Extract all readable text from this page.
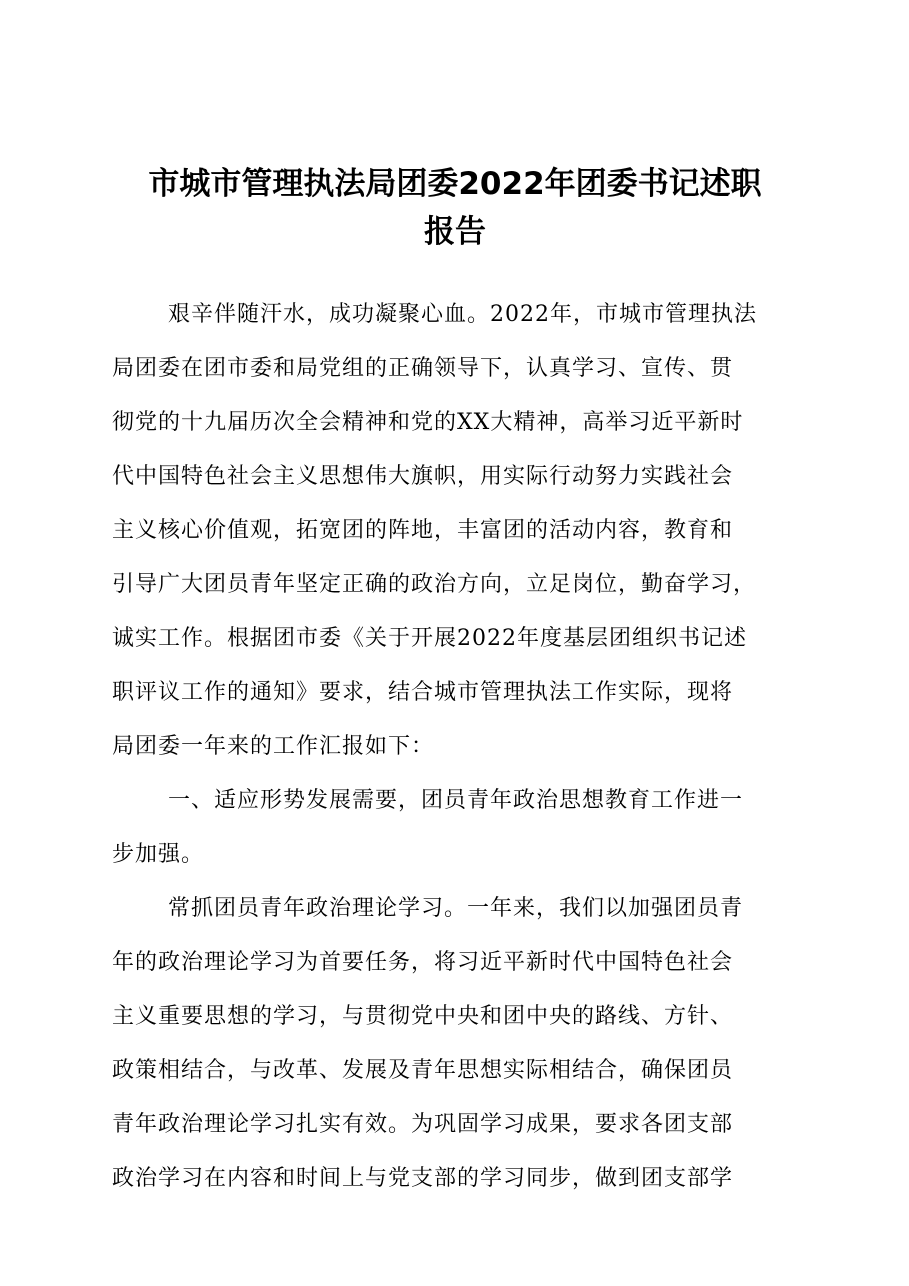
市城市管理执法局团委2022年团委书记述职
报告
艰辛伴随汗水，成功凝聚心血。2022年，市城市管理执法
局团委在团市委和局党组的正确领导下，认真学习、宣传、贯
彻党的十九届历次全会精神和党的XX大精神，高举习近平新时
代中国特色社会主义思想伟大旗帜，用实际行动努力实践社会
主义核心价值观，拓宽团的阵地，丰富团的活动内容，教育和
引导广大团员青年坚定正确的政治方向，立足岗位，勤奋学习，
诚实工作。根据团市委《关于开展2022年度基层团组织书记述
职评议工作的通知》要求，结合城市管理执法工作实际，现将
局团委一年来的工作汇报如下：
一、适应形势发展需要，团员青年政治思想教育工作进一
步加强。
常抓团员青年政治理论学习。一年来，我们以加强团员青
年的政治理论学习为首要任务，将习近平新时代中国特色社会
主义重要思想的学习，与贯彻党中央和团中央的路线、方针、
政策相结合，与改革、发展及青年思想实际相结合，确保团员
青年政治理论学习扎实有效。为巩固学习成果，要求各团支部
政治学习在内容和时间上与党支部的学习同步，做到团支部学
